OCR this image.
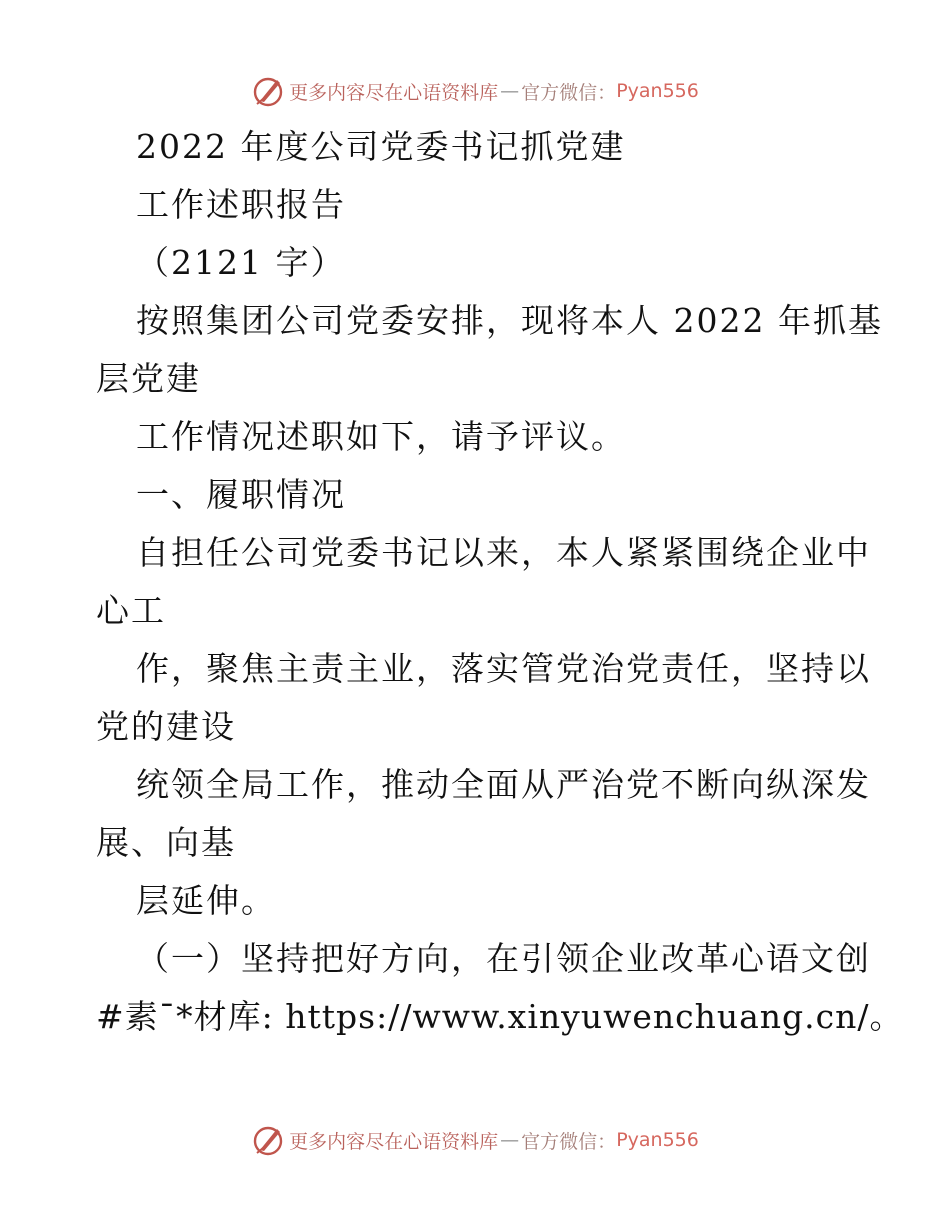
更多内容尽在心语资料库 — 官方微信： Pyan556
2022 年度公司党委书记抓党建
工作述职报告
（2121 字）
按照集团公司党委安排，现将本人 2022 年抓基
层党建
工作情况述职如下，请予评议。
一、履职情况
自担任公司党委书记以来，本人紧紧围绕企业中
心工
作，聚焦主责主业，落实管党治党责任，坚持以
党的建设
统领全局工作，推动全面从严治党不断向纵深发
展、向基
层延伸。
（一）坚持把好方向，在引领企业改革心语文创
#素¯*材库: https://www.xinyuwenchuang.cn/。
更多内容尽在心语资料库 — 官方微信： Pyan556
